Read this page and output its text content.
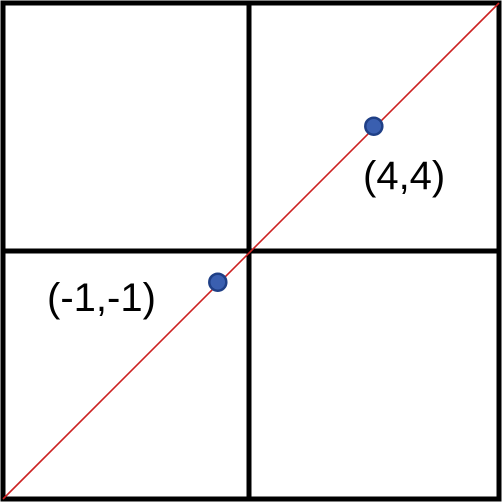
(4,4)
(-1,-1)
